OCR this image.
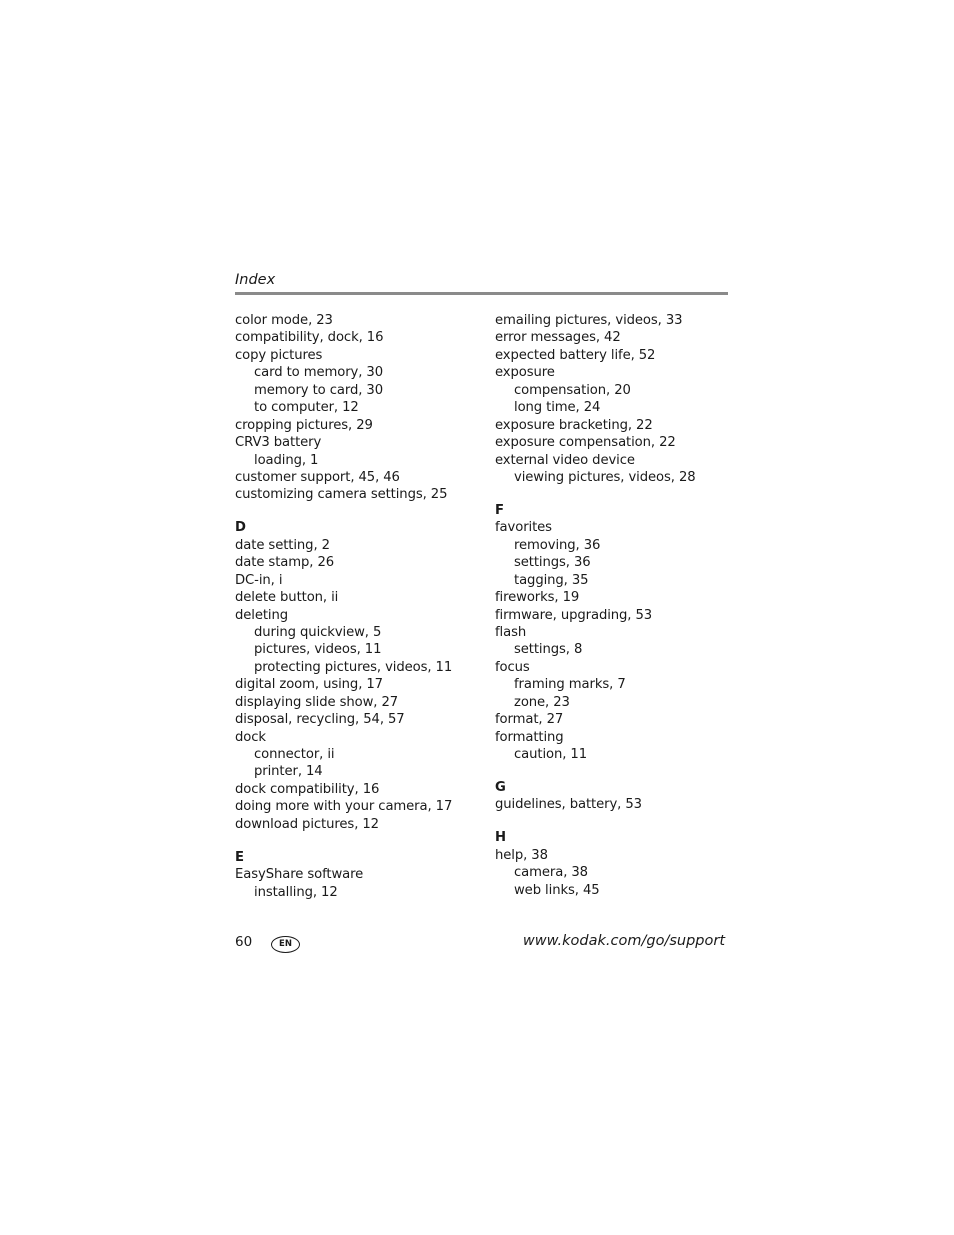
Index
color mode, 23
compatibility, dock, 16
copy pictures
card to memory, 30
memory to card, 30
to computer, 12
cropping pictures, 29
CRV3 battery
loading, 1
customer support, 45, 46
customizing camera settings, 25
D
date setting, 2
date stamp, 26
DC-in, i
delete button, ii
deleting
during quickview, 5
pictures, videos, 11
protecting pictures, videos, 11
digital zoom, using, 17
displaying slide show, 27
disposal, recycling, 54, 57
dock
connector, ii
printer, 14
dock compatibility, 16
doing more with your camera, 17
download pictures, 12
E
EasyShare software
installing, 12
emailing pictures, videos, 33
error messages, 42
expected battery life, 52
exposure
compensation, 20
long time, 24
exposure bracketing, 22
exposure compensation, 22
external video device
viewing pictures, videos, 28
F
favorites
removing, 36
settings, 36
tagging, 35
fireworks, 19
firmware, upgrading, 53
flash
settings, 8
focus
framing marks, 7
zone, 23
format, 27
formatting
caution, 11
G
guidelines, battery, 53
H
help, 38
camera, 38
web links, 45
60	EN	www.kodak.com/go/support
